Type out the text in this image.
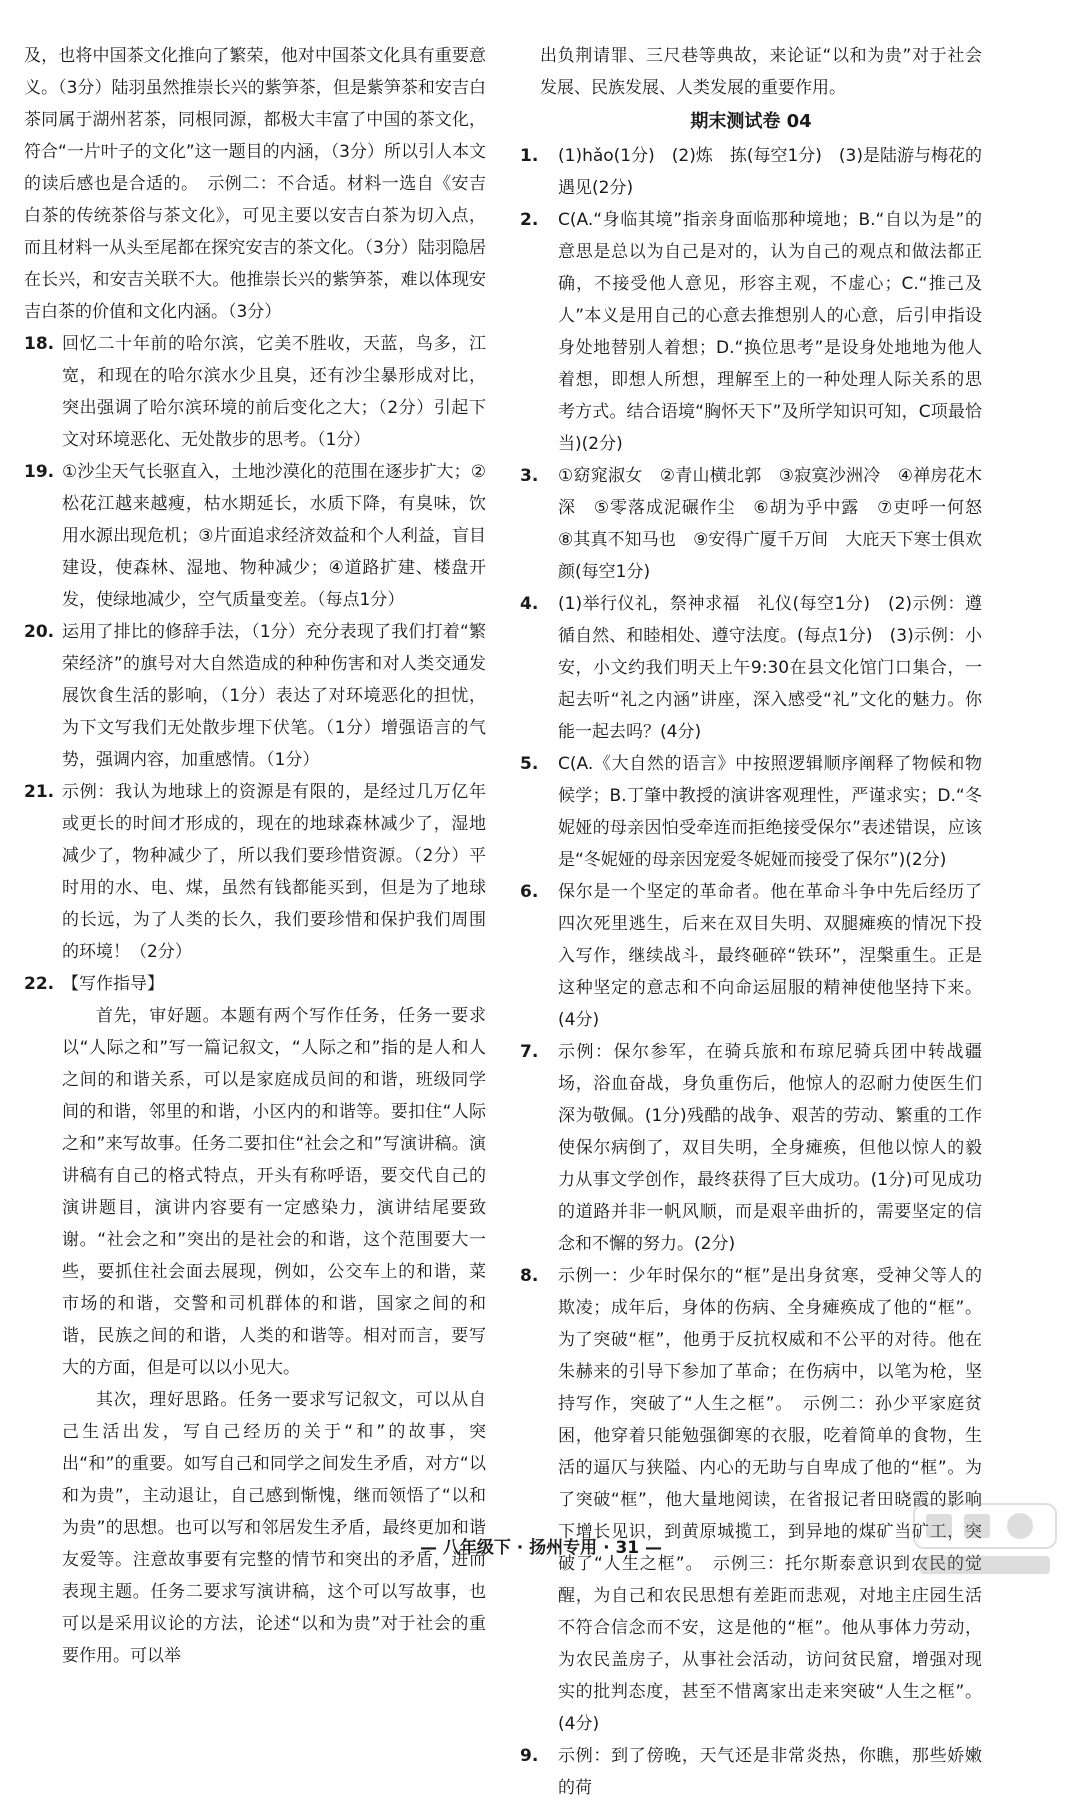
及，也将中国茶文化推向了繁荣，他对中国茶文化具有重要意义。（3分）陆羽虽然推崇长兴的紫笋茶，但是紫笋茶和安吉白茶同属于湖州茗茶，同根同源，都极大丰富了中国的茶文化，符合“一片叶子的文化”这一题目的内涵，（3分）所以引人本文的读后感也是合适的。　示例二：不合适。材料一选自《安吉白茶的传统茶俗与茶文化》，可见主要以安吉白茶为切入点，而且材料一从头至尾都在探究安吉的茶文化。（3分）陆羽隐居在长兴，和安吉关联不大。他推崇长兴的紫笋茶，难以体现安吉白茶的价值和文化内涵。（3分）
18. 回忆二十年前的哈尔滨，它美不胜收，天蓝，鸟多，江宽，和现在的哈尔滨水少且臭，还有沙尘暴形成对比，突出强调了哈尔滨环境的前后变化之大；（2分）引起下文对环境恶化、无处散步的思考。（1分）
19. ①沙尘天气长驱直入，土地沙漠化的范围在逐步扩大；②松花江越来越瘦，枯水期延长，水质下降，有臭味，饮用水源出现危机；③片面追求经济效益和个人利益，盲目建设，使森林、湿地、物种减少；④道路扩建、楼盘开发，使绿地减少，空气质量变差。（每点1分）
20. 运用了排比的修辞手法，（1分）充分表现了我们打着“繁荣经济”的旗号对大自然造成的种种伤害和对人类交通发展饮食生活的影响，（1分）表达了对环境恶化的担忧，为下文写我们无处散步埋下伏笔。（1分）增强语言的气势，强调内容，加重感情。（1分）
21. 示例：我认为地球上的资源是有限的，是经过几万亿年或更长的时间才形成的，现在的地球森林减少了，湿地减少了，物种减少了，所以我们要珍惜资源。（2分）平时用的水、电、煤，虽然有钱都能买到，但是为了地球的长远，为了人类的长久，我们要珍惜和保护我们周围的环境！（2分）
22. 【写作指导】
首先，审好题。本题有两个写作任务，任务一要求以“人际之和”写一篇记叙文，“人际之和”指的是人和人之间的和谐关系，可以是家庭成员间的和谐，班级同学间的和谐，邻里的和谐，小区内的和谐等。要扣住“人际之和”来写故事。任务二要扣住“社会之和”写演讲稿。演讲稿有自己的格式特点，开头有称呼语，要交代自己的演讲题目，演讲内容要有一定感染力，演讲结尾要致谢。“社会之和”突出的是社会的和谐，这个范围要大一些，要抓住社会面去展现，例如，公交车上的和谐，菜市场的和谐，交警和司机群体的和谐，国家之间的和谐，民族之间的和谐，人类的和谐等。相对而言，要写大的方面，但是可以以小见大。
其次，理好思路。任务一要求写记叙文，可以从自己生活出发，写自己经历的关于“和”的故事，突出“和”的重要。如写自己和同学之间发生矛盾，对方“以和为贵”，主动退让，自己感到惭愧，继而领悟了“以和为贵”的思想。也可以写和邻居发生矛盾，最终更加和谐友爱等。注意故事要有完整的情节和突出的矛盾，进而表现主题。任务二要求写演讲稿，这个可以写故事，也可以是采用议论的方法，论述“以和为贵”对于社会的重要作用。可以举
出负荆请罪、三尺巷等典故，来论证“以和为贵”对于社会发展、民族发展、人类发展的重要作用。
期末测试卷 04
1. (1)hǎo(1分)　(2)炼　拣(每空1分)　(3)是陆游与梅花的遇见(2分)
2. C(A.“身临其境”指亲身面临那种境地；B.“自以为是”的意思是总以为自己是对的，认为自己的观点和做法都正确，不接受他人意见，形容主观，不虚心；C.“推己及人”本义是用自己的心意去推想别人的心意，后引申指设身处地替别人着想；D.“换位思考”是设身处地地为他人着想，即想人所想，理解至上的一种处理人际关系的思考方式。结合语境“胸怀天下”及所学知识可知，C项最恰当)(2分)
3. ①窈窕淑女　②青山横北郭　③寂寞沙洲冷　④禅房花木深　⑤零落成泥碾作尘　⑥胡为乎中露　⑦吏呼一何怒　⑧其真不知马也　⑨安得广厦千万间　大庇天下寒士俱欢颜(每空1分)
4. (1)举行仪礼，祭神求福　礼仪(每空1分)　(2)示例：遵循自然、和睦相处、遵守法度。(每点1分)　(3)示例：小安，小文约我们明天上午9:30在县文化馆门口集合，一起去听“礼之内涵”讲座，深入感受“礼”文化的魅力。你能一起去吗？(4分)
5. C(A.《大自然的语言》中按照逻辑顺序阐释了物候和物候学；B.丁肇中教授的演讲客观理性，严谨求实；D.“冬妮娅的母亲因怕受牵连而拒绝接受保尔”表述错误，应该是“冬妮娅的母亲因宠爱冬妮娅而接受了保尔”)(2分)
6. 保尔是一个坚定的革命者。他在革命斗争中先后经历了四次死里逃生，后来在双目失明、双腿瘫痪的情况下投入写作，继续战斗，最终砸碎“铁环”，涅槃重生。正是这种坚定的意志和不向命运屈服的精神使他坚持下来。(4分)
7. 示例：保尔参军，在骑兵旅和布琼尼骑兵团中转战疆场，浴血奋战，身负重伤后，他惊人的忍耐力使医生们深为敬佩。(1分)残酷的战争、艰苦的劳动、繁重的工作使保尔病倒了，双目失明，全身瘫痪，但他以惊人的毅力从事文学创作，最终获得了巨大成功。(1分)可见成功的道路并非一帆风顺，而是艰辛曲折的，需要坚定的信念和不懈的努力。(2分)
8. 示例一：少年时保尔的“框”是出身贫寒，受神父等人的欺凌；成年后，身体的伤病、全身瘫痪成了他的“框”。为了突破“框”，他勇于反抗权威和不公平的对待。他在朱赫来的引导下参加了革命；在伤病中，以笔为枪，坚持写作，突破了“人生之框”。　示例二：孙少平家庭贫困，他穿着只能勉强御寒的衣服，吃着简单的食物，生活的逼仄与狭隘、内心的无助与自卑成了他的“框”。为了突破“框”，他大量地阅读，在省报记者田晓霞的影响下增长见识，到黄原城揽工，到异地的煤矿当矿工，突破了“人生之框”。　示例三：托尔斯泰意识到农民的觉醒，为自己和农民思想有差距而悲观，对地主庄园生活不符合信念而不安，这是他的“框”。他从事体力劳动，为农民盖房子，从事社会活动，访问贫民窟，增强对现实的批判态度，甚至不惜离家出走来突破“人生之框”。(4分)
9. 示例：到了傍晚，天气还是非常炎热，你瞧，那些娇嫩的荷
— 八年级下 · 扬州专用 · 31 —
